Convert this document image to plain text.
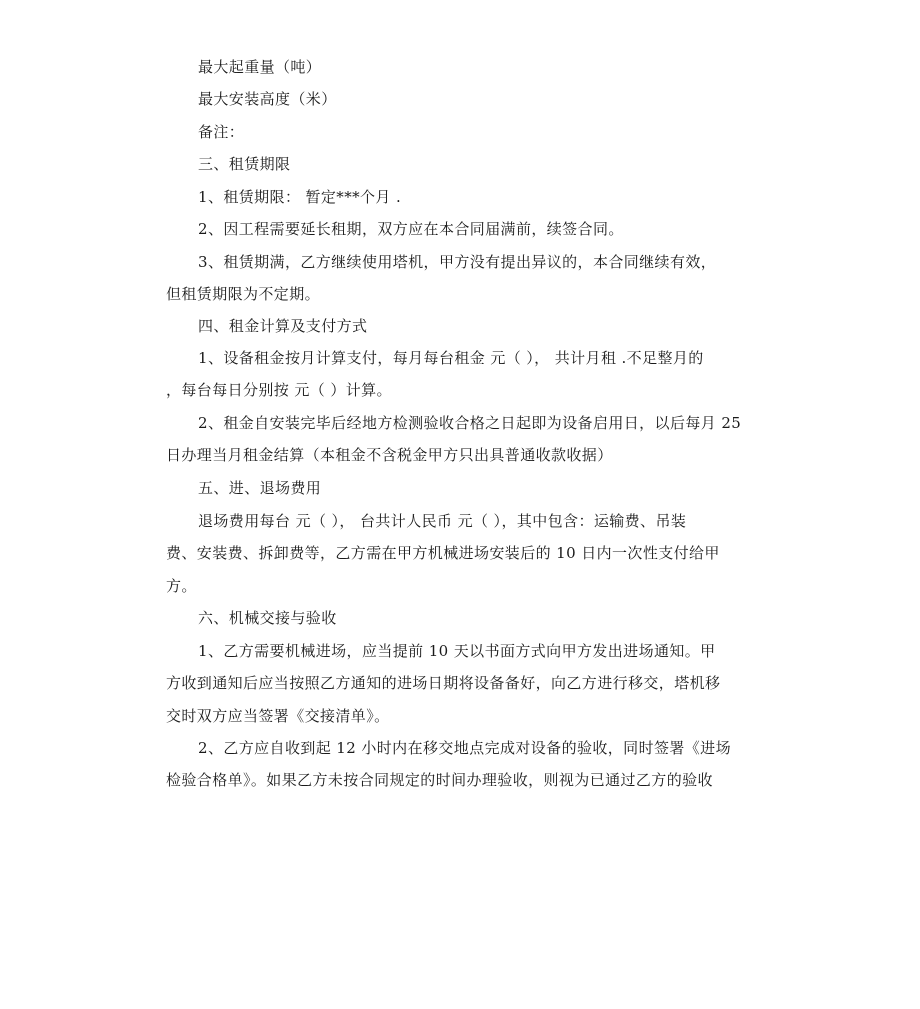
最大起重量（吨）
最大安装高度（米）
备注：
三、租赁期限
1、租赁期限： 暂定***个月 .
2、因工程需要延长租期，双方应在本合同届满前，续签合同。
3、租赁期满，乙方继续使用塔机，甲方没有提出异议的，本合同继续有效，
但租赁期限为不定期。
四、租金计算及支付方式
1、设备租金按月计算支付，每月每台租金 元（ ）， 共计月租 .不足整月的
，每台每日分别按 元（ ）计算。
2、租金自安装完毕后经地方检测验收合格之日起即为设备启用日，以后每月 25
日办理当月租金结算（本租金不含税金甲方只出具普通收款收据）
五、进、退场费用
退场费用每台 元（ ）， 台共计人民币 元（ ），其中包含：运输费、吊装
费、安装费、拆卸费等，乙方需在甲方机械进场安装后的 10 日内一次性支付给甲
方。
六、机械交接与验收
1、乙方需要机械进场，应当提前 10 天以书面方式向甲方发出进场通知。甲
方收到通知后应当按照乙方通知的进场日期将设备备好，向乙方进行移交，塔机移
交时双方应当签署《交接清单》。
2、乙方应自收到起 12 小时内在移交地点完成对设备的验收，同时签署《进场
检验合格单》。如果乙方未按合同规定的时间办理验收，则视为已通过乙方的验收
